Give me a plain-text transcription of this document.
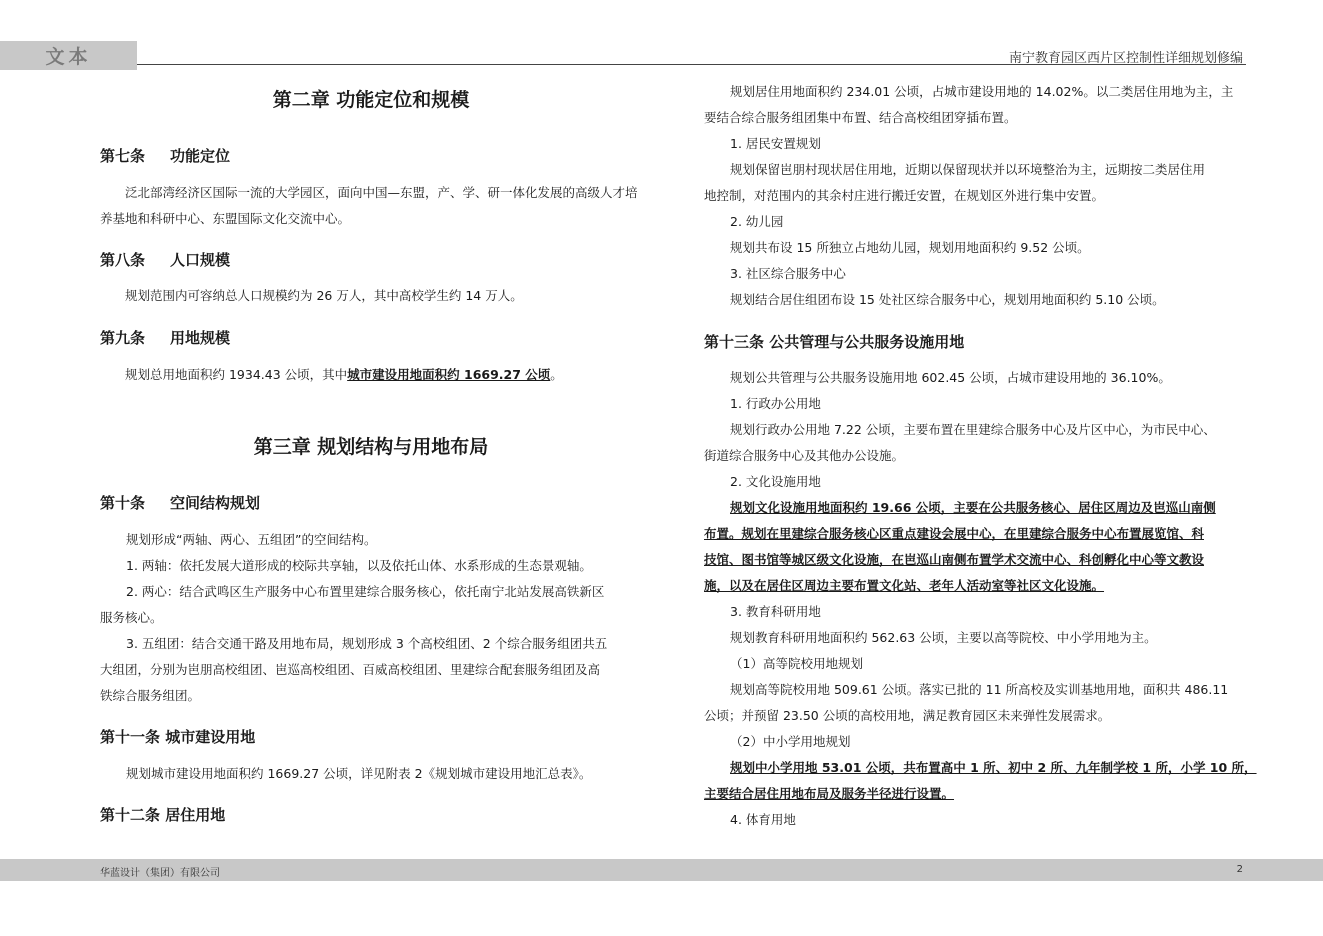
文本	南宁教育园区西片区控制性详细规划修编
第二章 功能定位和规模
第七条 功能定位
泛北部湾经济区国际一流的大学园区，面向中国—东盟，产、学、研一体化发展的高级人才培养基地和科研中心、东盟国际文化交流中心。
第八条 人口规模
规划范围内可容纳总人口规模约为 26 万人，其中高校学生约 14 万人。
第九条 用地规模
规划总用地面积约 1934.43 公顷，其中城市建设用地面积约 1669.27 公顷。
第三章 规划结构与用地布局
第十条 空间结构规划
规划形成“两轴、两心、五组团”的空间结构。
1. 两轴：依托发展大道形成的校际共享轴，以及依托山体、水系形成的生态景观轴。
2. 两心：结合武鸣区生产服务中心布置里建综合服务核心，依托南宁北站发展高铁新区
服务核心。
3. 五组团：结合交通干路及用地布局，规划形成 3 个高校组团、2 个综合服务组团共五
大组团，分别为岜朋高校组团、岜巡高校组团、百威高校组团、里建综合配套服务组团及高
铁综合服务组团。
第十一条 城市建设用地
规划城市建设用地面积约 1669.27 公顷，详见附表 2《规划城市建设用地汇总表》。
第十二条 居住用地
规划居住用地面积约 234.01 公顷，占城市建设用地的 14.02%。以二类居住用地为主，主
要结合综合服务组团集中布置、结合高校组团穿插布置。
1. 居民安置规划
规划保留岜朋村现状居住用地，近期以保留现状并以环境整治为主，远期按二类居住用
地控制，对范围内的其余村庄进行搬迁安置，在规划区外进行集中安置。
2. 幼儿园
规划共布设 15 所独立占地幼儿园，规划用地面积约 9.52 公顷。
3. 社区综合服务中心
规划结合居住组团布设 15 处社区综合服务中心，规划用地面积约 5.10 公顷。
第十三条 公共管理与公共服务设施用地
规划公共管理与公共服务设施用地 602.45 公顷，占城市建设用地的 36.10%。
1. 行政办公用地
规划行政办公用地 7.22 公顷，主要布置在里建综合服务中心及片区中心，为市民中心、
街道综合服务中心及其他办公设施。
2. 文化设施用地
规划文化设施用地面积约 19.66 公顷，主要在公共服务核心、居住区周边及岜巡山南侧
布置。规划在里建综合服务核心区重点建设会展中心，在里建综合服务中心布置展览馆、科
技馆、图书馆等城区级文化设施，在岜巡山南侧布置学术交流中心、科创孵化中心等文教设
施，以及在居住区周边主要布置文化站、老年人活动室等社区文化设施。
3. 教育科研用地
规划教育科研用地面积约 562.63 公顷，主要以高等院校、中小学用地为主。
（1）高等院校用地规划
规划高等院校用地 509.61 公顷。落实已批的 11 所高校及实训基地用地，面积共 486.11
公顷；并预留 23.50 公顷的高校用地，满足教育园区未来弹性发展需求。
（2）中小学用地规划
规划中小学用地 53.01 公顷，共布置高中 1 所、初中 2 所、九年制学校 1 所，小学 10 所，
主要结合居住用地布局及服务半径进行设置。
4. 体育用地
华蓝设计（集团）有限公司	2
